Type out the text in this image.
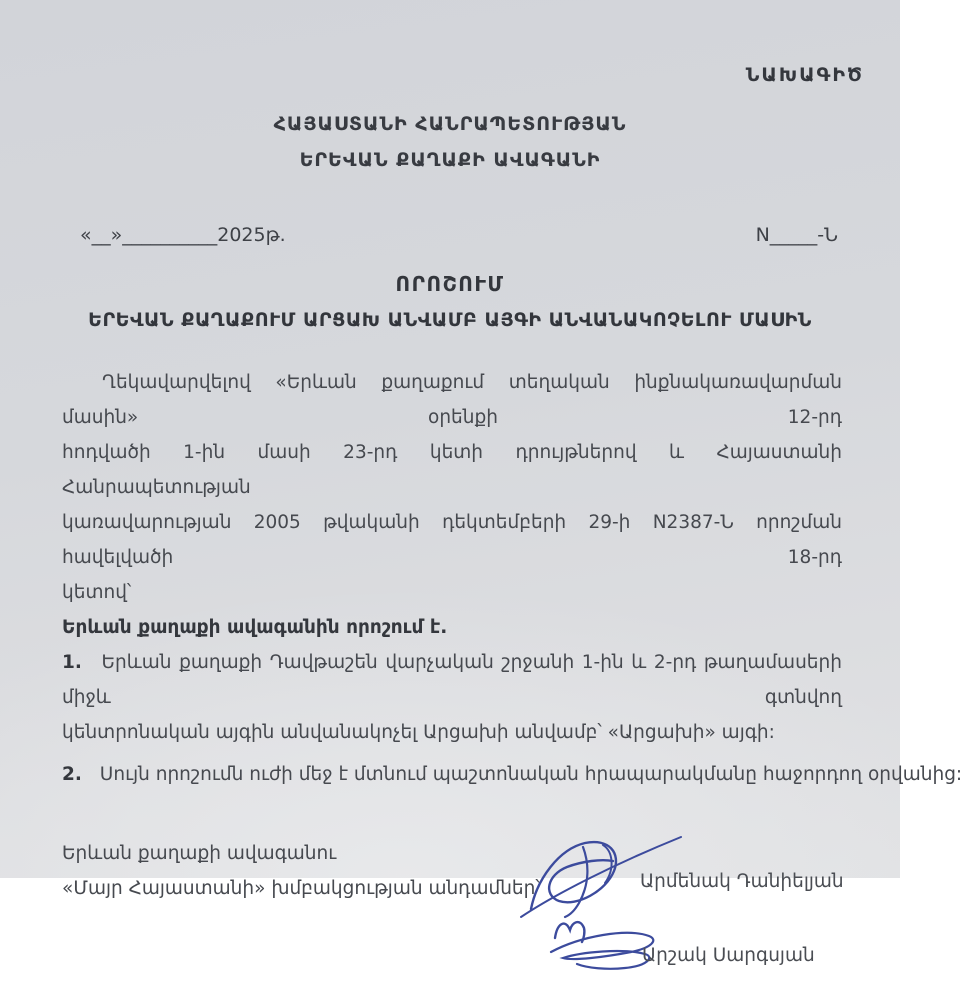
ՆԱԽԱԳԻԾ
ՀԱՅԱՍՏԱՆԻ ՀԱՆՐԱՊԵՏՈՒԹՅԱՆ
ԵՐԵՎԱՆ ՔԱՂԱՔԻ ԱՎԱԳԱՆԻ
«__»__________2025թ.	N_____-Ն
ՈՐՈՇՈՒՄ
ԵՐԵՎԱՆ ՔԱՂԱՔՈՒՄ ԱՐՑԱԽ ԱՆՎԱՄԲ ԱՅԳԻ ԱՆՎԱՆԱԿՈՉԵԼՈՒ ՄԱՍԻՆ
Ղեկավարվելով «Երևան քաղաքում տեղական ինքնակառավարման մասին» օրենքի 12-րդ
հոդվածի 1-ին մասի 23-րդ կետի դրույթներով և Հայաստանի Հանրապետության
կառավարության 2005 թվականի դեկտեմբերի 29-ի N2387-Ն որոշման հավելվածի 18-րդ
կետով՝
Երևան քաղաքի ավագանին որոշում է.
1. Երևան քաղաքի Դավթաշեն վարչական շրջանի 1-ին և 2-րդ թաղամասերի միջև գտնվող
կենտրոնական այգին անվանակոչել Արցախի անվամբ՝ «Արցախի» այգի:
2. Սույն որոշումն ուժի մեջ է մտնում պաշտոնական հրապարակմանը հաջորդող օրվանից:
Երևան քաղաքի ավագանու
«Մայր Հայաստանի» խմբակցության անդամներ՝	Արմենակ Դանիելյան
Արշակ Սարգսյան
